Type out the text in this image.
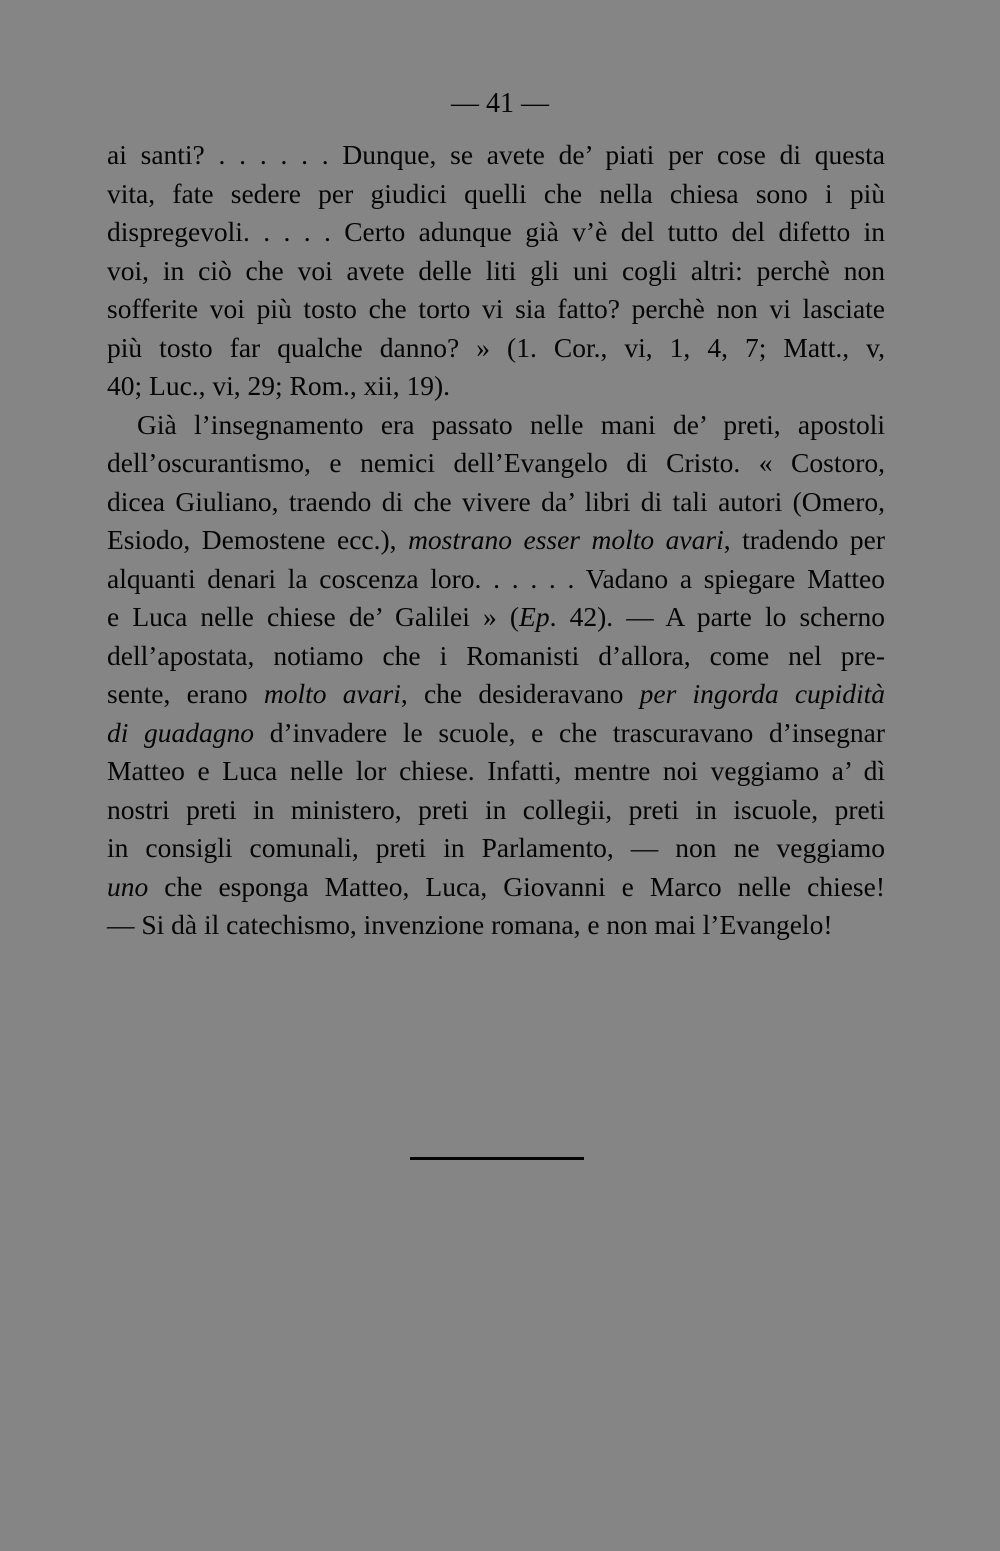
— 41 —
ai santi? . . . . . . Dunque, se avete de’ piati per cose di questa
vita, fate sedere per giudici quelli che nella chiesa sono i più
dispregevoli. . . . . Certo adunque già v’è del tutto del difetto in
voi, in ciò che voi avete delle liti gli uni cogli altri: perchè non
sofferite voi più tosto che torto vi sia fatto? perchè non vi lasciate
più tosto far qualche danno? » (1. Cor., vi, 1, 4, 7; Matt., v,
40; Luc., vi, 29; Rom., xii, 19).
Già l’insegnamento era passato nelle mani de’ preti, apostoli
dell’oscurantismo, e nemici dell’Evangelo di Cristo. « Costoro,
dicea Giuliano, traendo di che vivere da’ libri di tali autori (Omero,
Esiodo, Demostene ecc.), mostrano esser molto avari, tradendo per
alquanti denari la coscenza loro. . . . . . Vadano a spiegare Matteo
e Luca nelle chiese de’ Galilei » (Ep. 42). — A parte lo scherno
dell’apostata, notiamo che i Romanisti d’allora, come nel pre-
sente, erano molto avari, che desideravano per ingorda cupidità
di guadagno d’invadere le scuole, e che trascuravano d’insegnar
Matteo e Luca nelle lor chiese. Infatti, mentre noi veggiamo a’ dì
nostri preti in ministero, preti in collegii, preti in iscuole, preti
in consigli comunali, preti in Parlamento, — non ne veggiamo
uno che esponga Matteo, Luca, Giovanni e Marco nelle chiese!
— Si dà il catechismo, invenzione romana, e non mai l’Evangelo!
